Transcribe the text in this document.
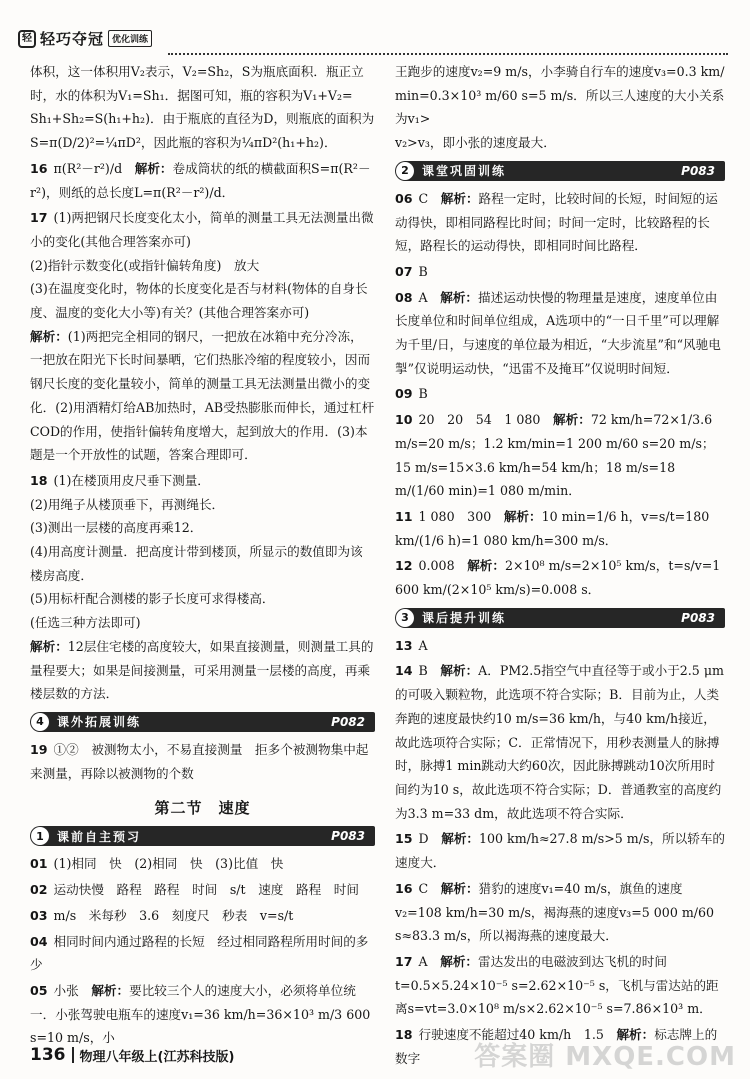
轻 轻巧夺冠 优化训练

体积，这一体积用V₂表示，V₂=Sh₂，S为瓶底面积．瓶正立

时，水的体积为V₁=Sh₁．据图可知，瓶的容积为V₁+V₂=

Sh₁+Sh₂=S(h₁+h₂)．由于瓶底的直径为D，则瓶底的面积为

S=π(D/2)²=¼πD²，因此瓶的容积为¼πD²(h₁+h₂)．

16 π(R²－r²)/d　 解析：卷成筒状的纸的横截面积S=π(R²－r²)，则纸的总长度L=π(R²－r²)/d．
17 (1)两把钢尺长度变化太小，简单的测量工具无法测量出微小的变化(其他合理答案亦可)
(2)指针示数变化(或指针偏转角度)　放大
(3)在温度变化时，物体的长度变化是否与材料(物体的自身长度、温度的变化大小等)有关？(其他合理答案亦可)
解析：(1)两把完全相同的钢尺，一把放在冰箱中充分冷冻，一把放在阳光下长时间暴晒，它们热胀冷缩的程度较小，因而钢尺长度的变化量较小，简单的测量工具无法测量出微小的变化．(2)用酒精灯给AB加热时，AB受热膨胀而伸长，通过杠杆COD的作用，使指针偏转角度增大，起到放大的作用．(3)本题是一个开放性的试题，答案合理即可．
18 (1)在楼顶用皮尺垂下测量．
(2)用绳子从楼顶垂下，再测绳长．
(3)测出一层楼的高度再乘12．
(4)用高度计测量．把高度计带到楼顶，所显示的数值即为该楼房高度．
(5)用标杆配合测楼的影子长度可求得楼高．
(任选三种方法即可)
解析：12层住宅楼的高度较大，如果直接测量，则测量工具的量程要大；如果是间接测量，可采用测量一层楼的高度，再乘楼层数的方法．
4	课外拓展训练	P082
19 ①②　被测物太小，不易直接测量　拒多个被测物集中起来测量，再除以被测物的个数
第二节　速度
1	课前自主预习	P083
01 (1)相同　快　(2)相同　快　(3)比值　快
02 运动快慢　路程　路程　时间　s/t　速度　路程　时间
03 m/s　米每秒　3.6　刻度尺　秒表　v=s/t
04 相同时间内通过路程的长短　经过相同路程所用时间的多少
05 小张　 解析：要比较三个人的速度大小，必须将单位统一．小张驾驶电瓶车的速度v₁=36 km/h=36×10³ m/3 600 s=10 m/s，小

王跑步的速度v₂=9 m/s，小李骑自行车的速度v₃=0.3 km/

min=0.3×10³ m/60 s=5 m/s．所以三人速度的大小关系为v₁>

v₂>v₃，即小张的速度最大．

2	课堂巩固训练	P083
06 C　 解析：路程一定时，比较时间的长短，时间短的运动得快，即相同路程比时间；时间一定时，比较路程的长短，路程长的运动得快，即相同时间比路程．
07 B
08 A　 解析：描述运动快慢的物理量是速度，速度单位由长度单位和时间单位组成，A选项中的“一日千里”可以理解为千里/日，与速度的单位最为相近，“大步流星”和“风驰电掣”仅说明运动快，“迅雷不及掩耳”仅说明时间短．
09 B
10 20　20　54　1 080　 解析：72 km/h=72×1/3.6 m/s=20 m/s；1.2 km/min=1 200 m/60 s=20 m/s；15 m/s=15×3.6 km/h=54 km/h；18 m/s=18 m/(1/60 min)=1 080 m/min．
11 1 080　300　 解析：10 min=1/6 h，v=s/t=180 km/(1/6 h)=1 080 km/h=300 m/s．
12 0.008　 解析：2×10⁸ m/s=2×10⁵ km/s，t=s/v=1 600 km/(2×10⁵ km/s)=0.008 s．
3	课后提升训练	P083
13 A
14 B　 解析：A．PM2.5指空气中直径等于或小于2.5 μm的可吸入颗粒物，此选项不符合实际；B．目前为止，人类奔跑的速度最快约10 m/s=36 km/h，与40 km/h接近，故此选项符合实际；C．正常情况下，用秒表测量人的脉搏时，脉搏1 min跳动大约60次，因此脉搏跳动10次所用时间约为10 s，故此选项不符合实际；D．普通教室的高度约为3.3 m=33 dm，故此选项不符合实际．
15 D　 解析：100 km/h≈27.8 m/s>5 m/s，所以轿车的速度大．
16 C　 解析：猎豹的速度v₁=40 m/s，旗鱼的速度v₂=108 km/h=30 m/s，褐海燕的速度v₃=5 000 m/60 s≈83.3 m/s，所以褐海燕的速度最大．
17 A　 解析：雷达发出的电磁波到达飞机的时间t=0.5×5.24×10⁻⁵ s=2.62×10⁻⁵ s，飞机与雷达站的距离s=vt=3.0×10⁸ m/s×2.62×10⁻⁵ s=7.86×10³ m．
18 行驶速度不能超过40 km/h　1.5　 解析：标志牌上的数字
136 物理八年级上(江苏科技版)	答案圈 MXQE.COM
